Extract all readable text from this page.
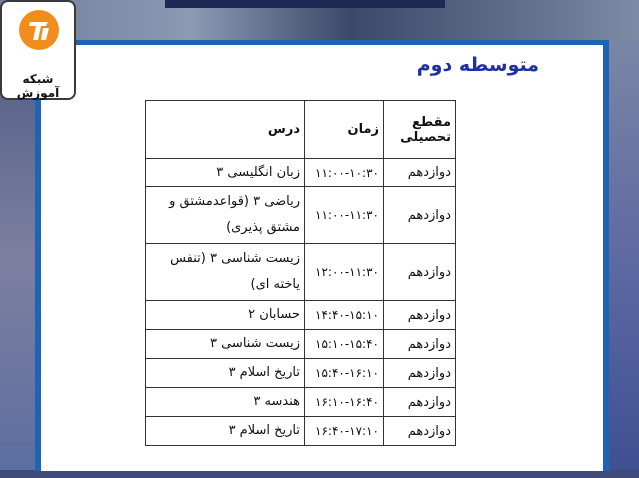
متوسطه دوم
شبکه آموزش
مقطع تحصیلی	زمان	درس
دوازدهم	۱۱:۰۰-۱۰:۳۰	زبان انگلیسی ۳
دوازدهم	۱۱:۰۰-۱۱:۳۰	ریاضی ۳ (قواعدمشتق و مشتق پذیری)
دوازدهم	۱۲:۰۰-۱۱:۳۰	زیست شناسی ۳ (تنفس یاخته ای)
دوازدهم	۱۴:۴۰-۱۵:۱۰	حسابان ۲
دوازدهم	۱۵:۱۰-۱۵:۴۰	زیست شناسی ۳
دوازدهم	۱۵:۴۰-۱۶:۱۰	تاریخ اسلام ۳
دوازدهم	۱۶:۱۰-۱۶:۴۰	هندسه ۳
دوازدهم	۱۶:۴۰-۱۷:۱۰	تاریخ اسلام ۳
